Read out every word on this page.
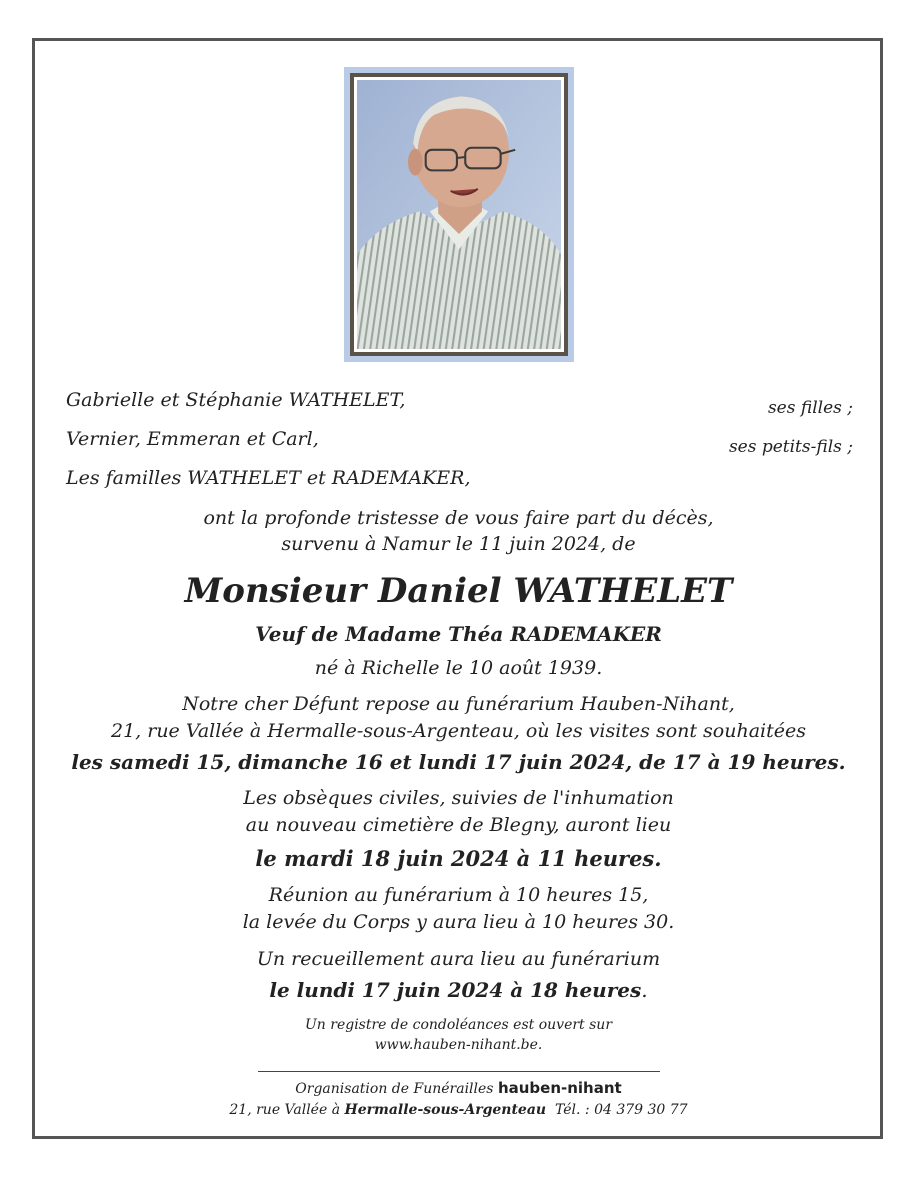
Gabrielle et Stéphanie WATHELET,	ses filles ;
Vernier, Emmeran et Carl,	ses petits-fils ;
Les familles WATHELET et RADEMAKER,
ont la profonde tristesse de vous faire part du décès,
survenu à Namur le 11 juin 2024, de
Monsieur Daniel WATHELET
Veuf de Madame Théa RADEMAKER
né à Richelle le 10 août 1939.
Notre cher Défunt repose au funérarium Hauben-Nihant,
21, rue Vallée à Hermalle-sous-Argenteau, où les visites sont souhaitées
les samedi 15, dimanche 16 et lundi 17 juin 2024, de 17 à 19 heures.
Les obsèques civiles, suivies de l'inhumation
au nouveau cimetière de Blegny, auront lieu
le mardi 18 juin 2024 à 11 heures.
Réunion au funérarium à 10 heures 15,
la levée du Corps y aura lieu à 10 heures 30.
Un recueillement aura lieu au funérarium
le lundi 17 juin 2024 à 18 heures.
Un registre de condoléances est ouvert sur
www.hauben-nihant.be.
Organisation de Funérailles hauben-nihant
21, rue Vallée à Hermalle-sous-Argenteau Tél. : 04 379 30 77
